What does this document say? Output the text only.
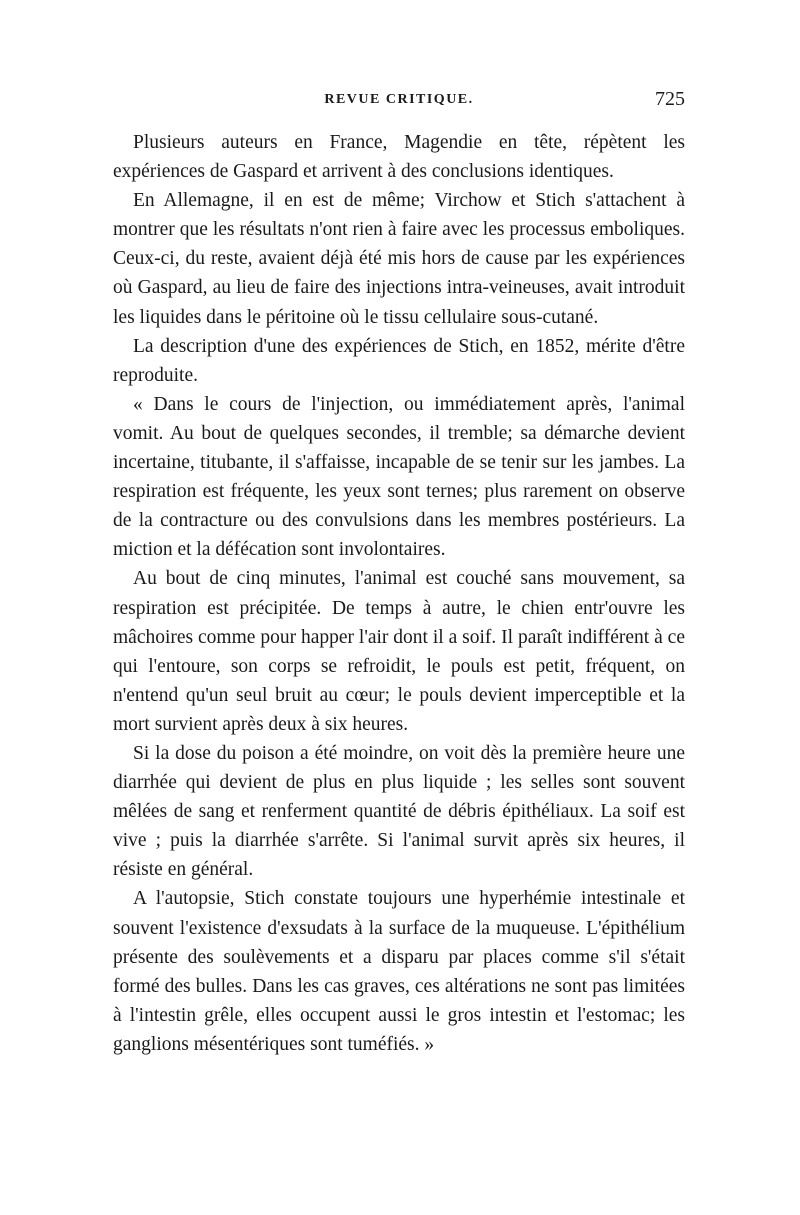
REVUE CRITIQUE.	725

Plusieurs auteurs en France, Magendie en tête, répètent les expériences de Gaspard et arrivent à des conclusions identiques.

En Allemagne, il en est de même; Virchow et Stich s'attachent à montrer que les résultats n'ont rien à faire avec les processus emboliques. Ceux-ci, du reste, avaient déjà été mis hors de cause par les expériences où Gaspard, au lieu de faire des injections intra-veineuses, avait introduit les liquides dans le péritoine où le tissu cellulaire sous-cutané.

La description d'une des expériences de Stich, en 1852, mérite d'être reproduite.

« Dans le cours de l'injection, ou immédiatement après, l'animal vomit. Au bout de quelques secondes, il tremble; sa démarche devient incertaine, titubante, il s'affaisse, incapable de se tenir sur les jambes. La respiration est fréquente, les yeux sont ternes; plus rarement on observe de la contracture ou des convulsions dans les membres postérieurs. La miction et la défécation sont involontaires.

Au bout de cinq minutes, l'animal est couché sans mouvement, sa respiration est précipitée. De temps à autre, le chien entr'ouvre les mâchoires comme pour happer l'air dont il a soif. Il paraît indifférent à ce qui l'entoure, son corps se refroidit, le pouls est petit, fréquent, on n'entend qu'un seul bruit au cœur; le pouls devient imperceptible et la mort survient après deux à six heures.

Si la dose du poison a été moindre, on voit dès la première heure une diarrhée qui devient de plus en plus liquide ; les selles sont souvent mêlées de sang et renferment quantité de débris épithéliaux. La soif est vive ; puis la diarrhée s'arrête. Si l'animal survit après six heures, il résiste en général.

A l'autopsie, Stich constate toujours une hyperhémie intestinale et souvent l'existence d'exsudats à la surface de la muqueuse. L'épithélium présente des soulèvements et a disparu par places comme s'il s'était formé des bulles. Dans les cas graves, ces altérations ne sont pas limitées à l'intestin grêle, elles occupent aussi le gros intestin et l'estomac; les ganglions mésentériques sont tuméfiés. »
